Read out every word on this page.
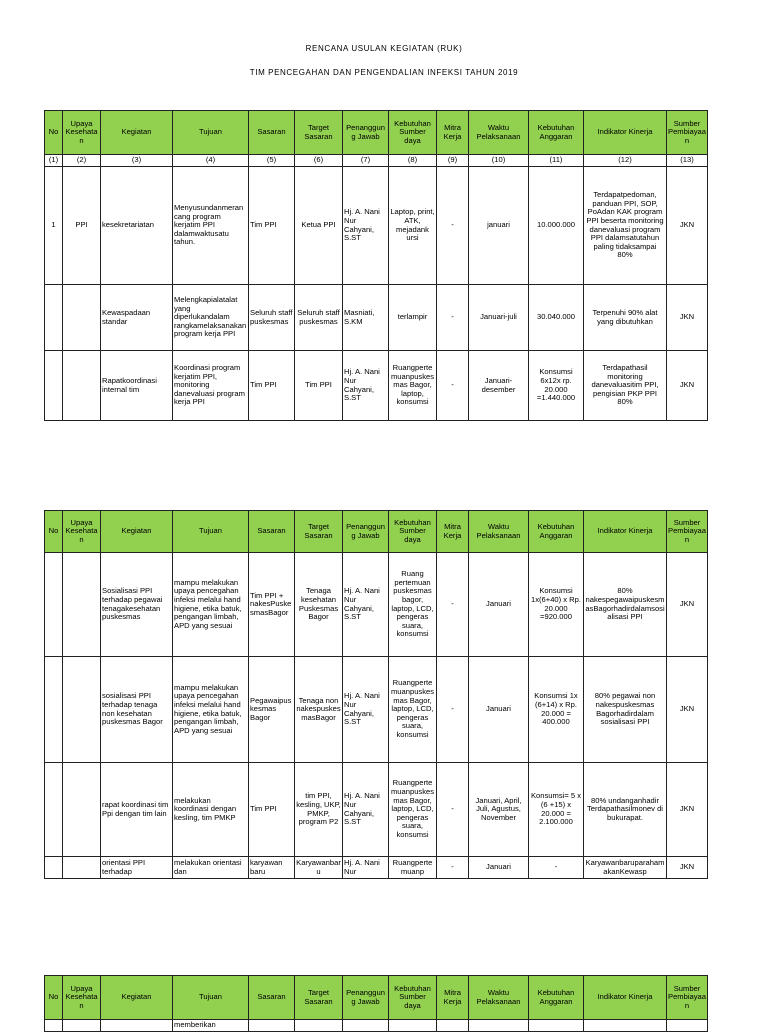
RENCANA USULAN KEGIATAN (RUK)
TIM PENCEGAHAN DAN PENGENDALIAN INFEKSI TAHUN 2019
No	Upaya Kesehatan	Kegiatan	Tujuan	Sasaran	Target Sasaran	Penanggung Jawab	Kebutuhan Sumber daya	Mitra Kerja	Waktu Pelaksanaan	Kebutuhan Anggaran	Indikator Kinerja	Sumber Pembiayaan
(1)	(2)	(3)	(4)	(5)	(6)	(7)	(8)	(9)	(10)	(11)	(12)	(13)
1	PPI	kesekretariatan	Menyusundanmerancang program kerjatim PPI dalamwaktusatu tahun.	Tim PPI	Ketua PPI	Hj. A. Nani Nur Cahyani, S.ST	Laptop, print, ATK, mejadank ursi	-	januari	10.000.000	Terdapatpedoman, panduan PPI, SOP, PoAdan KAK program PPI beserta monitoring danevaluasi program PPI dalamsatutahun paling tidaksampai 80%	JKN
		Kewaspadaan standar	Melengkapialatalat yang diperlukandalam rangkamelaksanakan program kerja PPI	Seluruh staff puskesmas	Seluruh staff puskesmas	Masniati, S.KM	terlampir	-	Januari-juli	30.040.000	Terpenuhi 90% alat yang dibutuhkan	JKN
		Rapatkoordinasi internal tim	Koordinasi program kerjatim PPI, monitoring danevaluasi program kerja PPI	Tim PPI	Tim PPI	Hj. A. Nani Nur Cahyani, S.ST	Ruangpertemuanpuskesmas Bagor, laptop, konsumsi	-	Januari-desember	Konsumsi 6x12x rp. 20.000 =1.440.000	Terdapathasil monitoring danevaluasitim PPI, pengisian PKP PPI 80%	JKN
No	Upaya Kesehatan	Kegiatan	Tujuan	Sasaran	Target Sasaran	Penanggung Jawab	Kebutuhan Sumber daya	Mitra Kerja	Waktu Pelaksanaan	Kebutuhan Anggaran	Indikator Kinerja	Sumber Pembiayaan
		Sosialisasi PPI terhadap pegawai tenagakesehatan puskesmas	mampu melakukan upaya pencegahan infeksi melalui hand higiene, etika batuk, pengangan limbah, APD yang sesuai	Tim PPI + nakesPuskesmasBagor	Tenaga kesehatan Puskesmas Bagor	Hj. A. Nani Nur Cahyani, S.ST	Ruang pertemuan puskesmas bagor, laptop, LCD, pengeras suara, konsumsi	-	Januari	Konsumsi 1x(6+40) x Rp. 20.000 =920.000	80% nakespegawaipuskesmasBagorhadirdalamsosialisasi PPI	JKN
		sosialisasi PPI terhadap tenaga non kesehatan puskesmas Bagor	mampu melakukan upaya pencegahan infeksi melalui hand higiene, etika batuk, pengangan limbah, APD yang sesuai	Pegawaipuskesmas Bagor	Tenaga non nakespuskesmasBagor	Hj. A. Nani Nur Cahyani, S.ST	Ruangpertemuanpuskesmas Bagor, laptop, LCD, pengeras suara, konsumsi	-	Januari	Konsumsi 1x (6+14) x Rp. 20.000 = 400.000	80% pegawai non nakespuskesmas Bagorhadirdalam sosialisasi PPI	JKN
		rapat koordinasi tim Ppi dengan tim lain	melakukan koordinasi dengan kesling, tim PMKP	Tim PPI	tim PPI, kesling, UKP, PMKP, program P2	Hj. A. Nani Nur Cahyani, S.ST	Ruangpertemuanpuskesmas Bagor, laptop, LCD, pengeras suara, konsumsi	-	Januari, April, Juli, Agustus, November	Konsumsi= 5 x (6 +15) x 20.000 = 2.100.000	80% undanganhadir Terdapathasilmonev di bukurapat.	JKN
		orientasi PPI terhadap	melakukan orientasi dan	karyawan baru	Karyawanbaru	Hj. A. Nani Nur	Ruangpertemuanp	-	Januari	-	KaryawanbaruparahamakanKewasp	JKN
No	Upaya Kesehatan	Kegiatan	Tujuan	Sasaran	Target Sasaran	Penanggung Jawab	Kebutuhan Sumber daya	Mitra Kerja	Waktu Pelaksanaan	Kebutuhan Anggaran	Indikator Kinerja	Sumber Pembiayaan
			memberikan									
